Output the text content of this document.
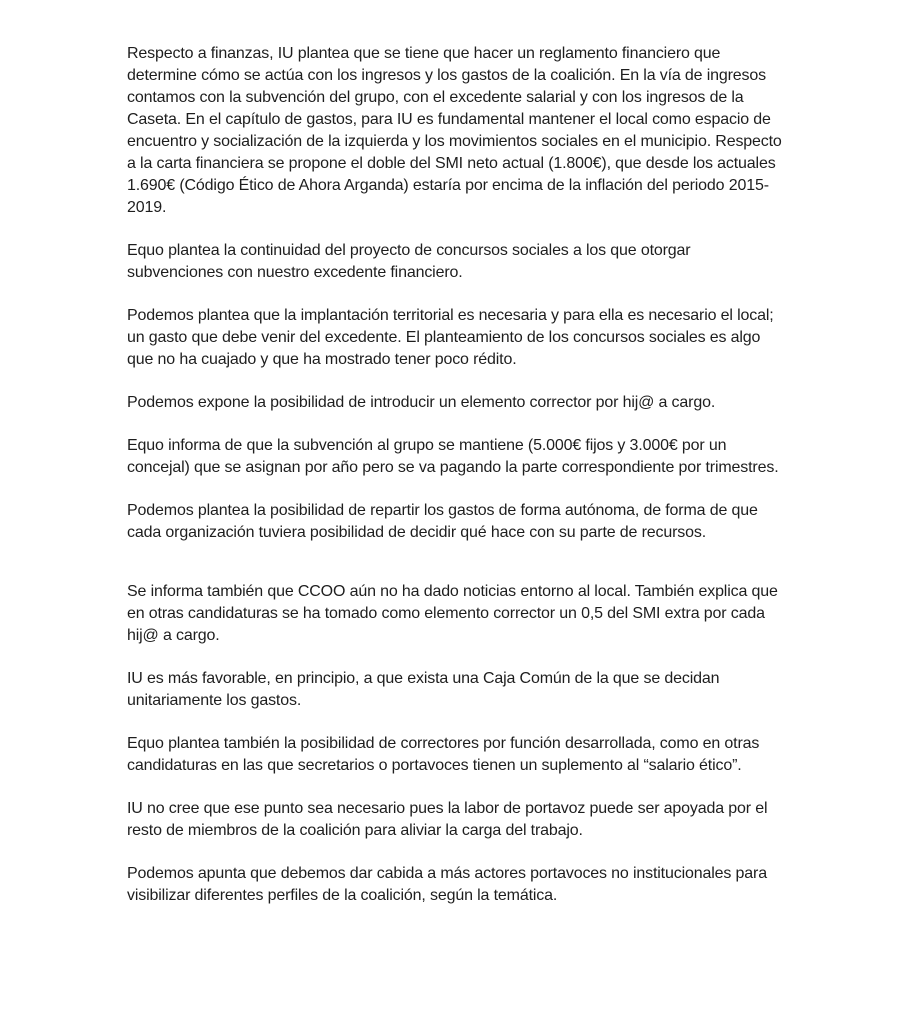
Respecto a finanzas, IU plantea que se tiene que hacer un reglamento financiero que determine cómo se actúa con los ingresos y los gastos de la coalición. En la vía de ingresos contamos con la subvención del grupo, con el excedente salarial y con los ingresos de la Caseta. En el capítulo de gastos, para IU es fundamental mantener el local como espacio de encuentro y socialización de la izquierda y los movimientos sociales en el municipio. Respecto a la carta financiera se propone el doble del SMI neto actual (1.800€), que desde los actuales 1.690€ (Código Ético de Ahora Arganda) estaría por encima de la inflación del periodo 2015-2019.

Equo plantea la continuidad del proyecto de concursos sociales a los que otorgar subvenciones con nuestro excedente financiero.

Podemos plantea que la implantación territorial es necesaria y para ella es necesario el local; un gasto que debe venir del excedente. El planteamiento de los concursos sociales es algo que no ha cuajado y que ha mostrado tener poco rédito.

Podemos expone la posibilidad de introducir un elemento corrector por hij@ a cargo.

Equo informa de que la subvención al grupo se mantiene (5.000€ fijos y 3.000€ por un concejal) que se asignan por año pero se va pagando la parte correspondiente por trimestres.

Podemos plantea la posibilidad de repartir los gastos de forma autónoma, de forma de que cada organización tuviera posibilidad de decidir qué hace con su parte de recursos.

Se informa también que CCOO aún no ha dado noticias entorno al local. También explica que en otras candidaturas se ha tomado como elemento corrector un 0,5 del SMI extra por cada hij@ a cargo.

IU es más favorable, en principio, a que exista una Caja Común de la que se decidan unitariamente los gastos.

Equo plantea también la posibilidad de correctores por función desarrollada, como en otras candidaturas en las que secretarios o portavoces tienen un suplemento al “salario ético”.

IU no cree que ese punto sea necesario pues la labor de portavoz puede ser apoyada por el resto de miembros de la coalición para aliviar la carga del trabajo.

Podemos apunta que debemos dar cabida a más actores portavoces no institucionales para visibilizar diferentes perfiles de la coalición, según la temática.
